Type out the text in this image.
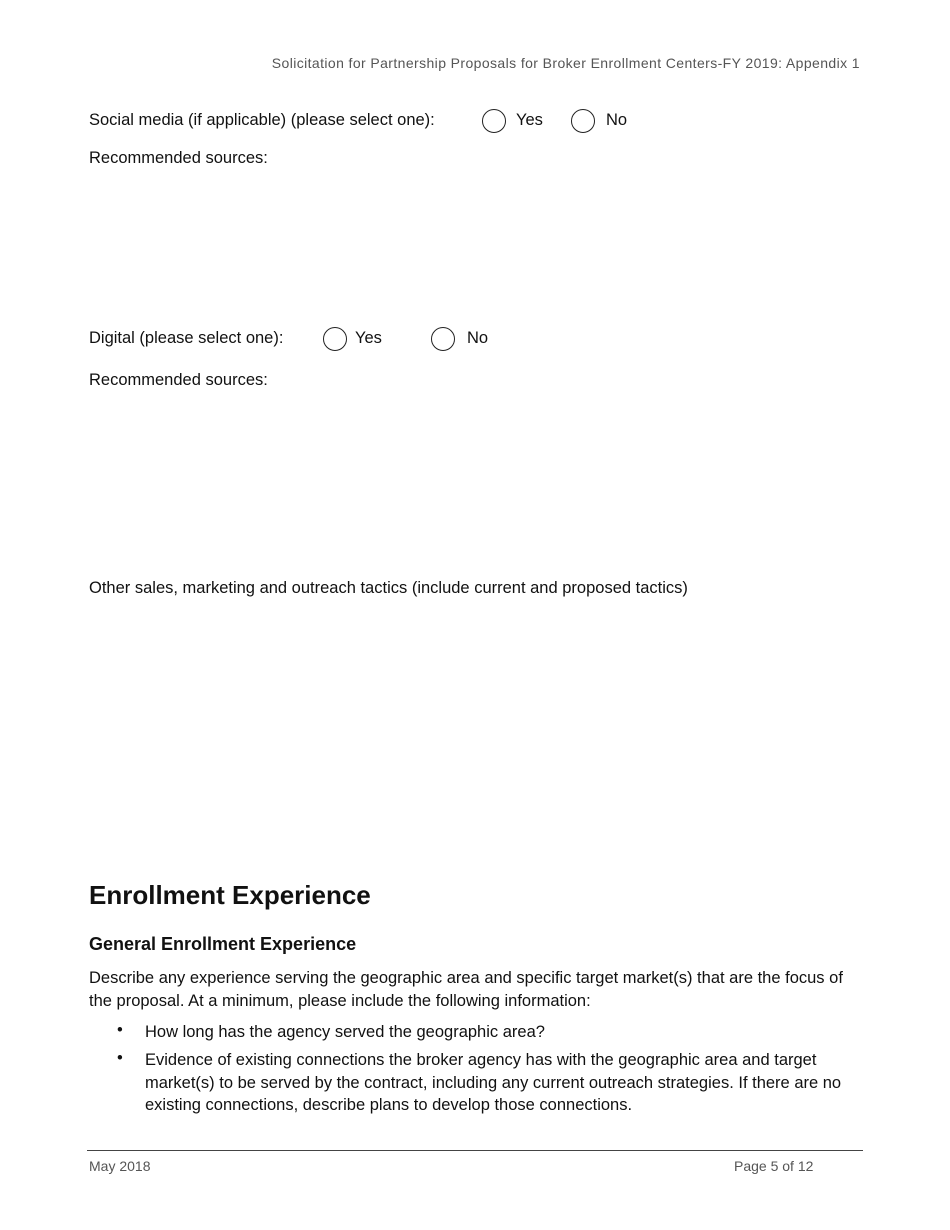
Solicitation for Partnership Proposals for Broker Enrollment Centers-FY 2019: Appendix 1
Social media (if applicable) (please select one):	Yes	No
Recommended sources:
Digital (please select one):	Yes	No
Recommended sources:
Other sales, marketing and outreach tactics (include current and proposed tactics)
Enrollment Experience
General Enrollment Experience
Describe any experience serving the geographic area and specific target market(s) that are the focus of the proposal. At a minimum, please include the following information:
• How long has the agency served the geographic area?
• Evidence of existing connections the broker agency has with the geographic area and target market(s) to be served by the contract, including any current outreach strategies. If there are no existing connections, describe plans to develop those connections.
May 2018	Page 5 of 12
